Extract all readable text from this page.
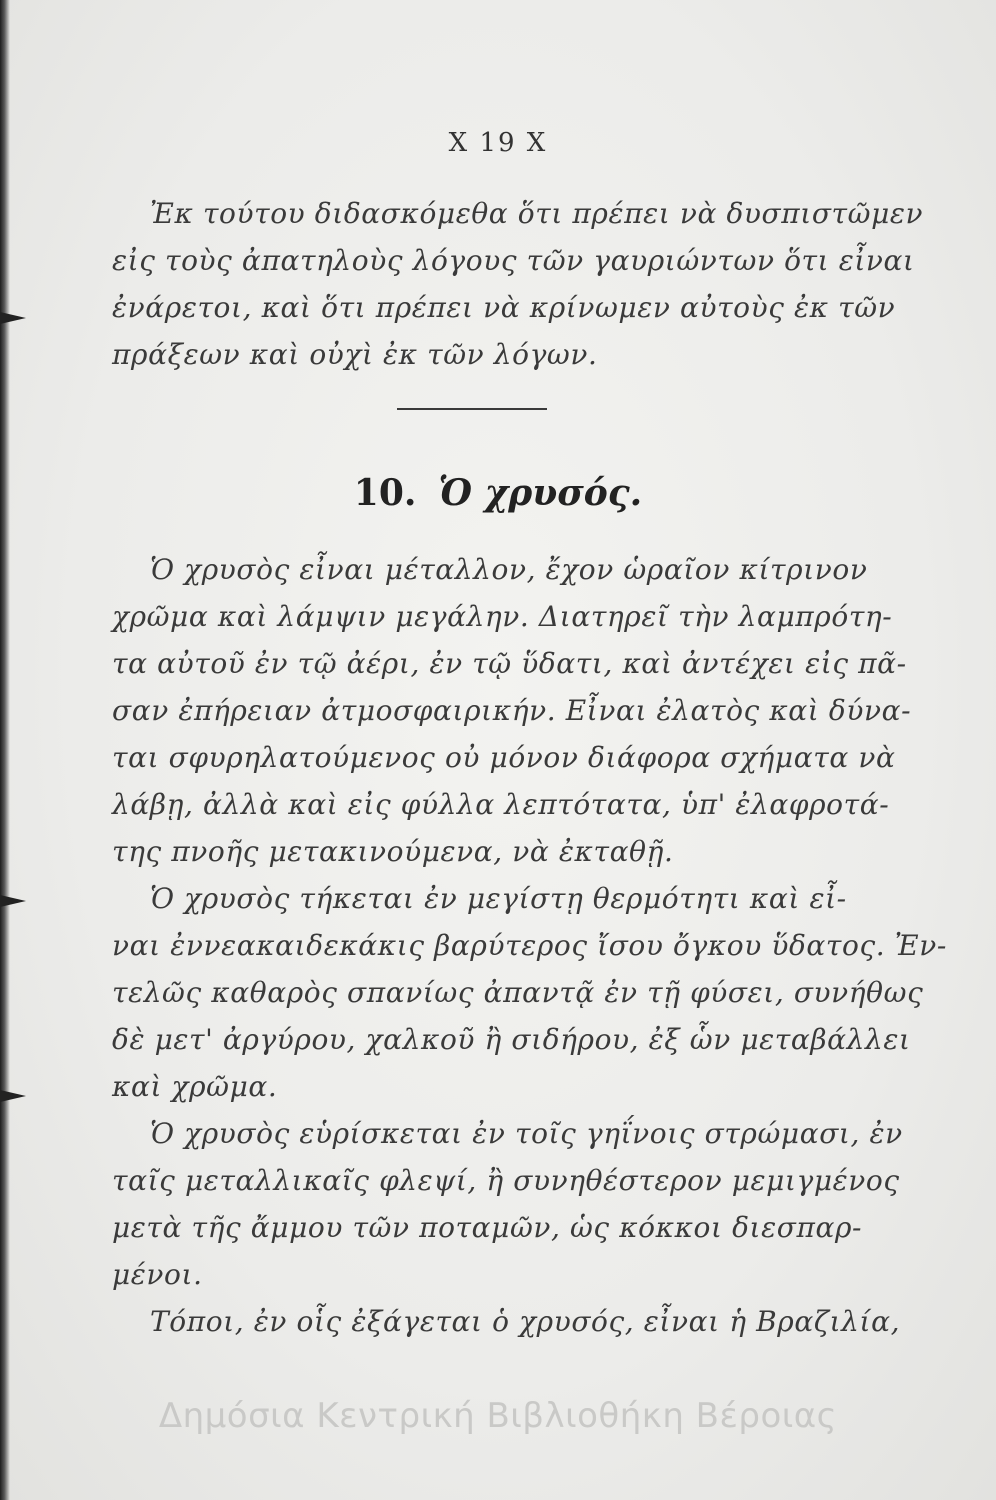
Χ 19 Χ
Ἐκ τούτου διδασκόμεθα ὅτι πρέπει νὰ δυσπιστῶμεν
εἰς τοὺς ἀπατηλοὺς λόγους τῶν γαυριώντων ὅτι εἶναι
ἐνάρετοι, καὶ ὅτι πρέπει νὰ κρίνωμεν αὐτοὺς ἐκ τῶν
πράξεων καὶ οὐχὶ ἐκ τῶν λόγων.
10. Ὁ χρυσός.
Ὁ χρυσὸς εἶναι μέταλλον, ἔχον ὡραῖον κίτρινον
χρῶμα καὶ λάμψιν μεγάλην. Διατηρεῖ τὴν λαμπρότη-
τα αὐτοῦ ἐν τῷ ἀέρι, ἐν τῷ ὕδατι, καὶ ἀντέχει εἰς πᾶ-
σαν ἐπήρειαν ἀτμοσφαιρικήν. Εἶναι ἐλατὸς καὶ δύνα-
ται σφυρηλατούμενος οὐ μόνον διάφορα σχήματα νὰ
λάβῃ, ἀλλὰ καὶ εἰς φύλλα λεπτότατα, ὑπ' ἐλαφροτά-
της πνοῆς μετακινούμενα, νὰ ἐκταθῇ.
Ὁ χρυσὸς τήκεται ἐν μεγίστῃ θερμότητι καὶ εἶ-
ναι ἐννεακαιδεκάκις βαρύτερος ἴσου ὄγκου ὕδατος. Ἐν-
τελῶς καθαρὸς σπανίως ἀπαντᾷ ἐν τῇ φύσει, συνήθως
δὲ μετ' ἀργύρου, χαλκοῦ ἢ σιδήρου, ἐξ ὧν μεταβάλλει
καὶ χρῶμα.
Ὁ χρυσὸς εὑρίσκεται ἐν τοῖς γηΐνοις στρώμασι, ἐν
ταῖς μεταλλικαῖς φλεψί, ἢ συνηθέστερον μεμιγμένος
μετὰ τῆς ἄμμου τῶν ποταμῶν, ὡς κόκκοι διεσπαρ-
μένοι.
Τόποι, ἐν οἷς ἐξάγεται ὁ χρυσός, εἶναι ἡ Βραζιλία,
Δημόσια Κεντρική Βιβλιοθήκη Βέροιας
